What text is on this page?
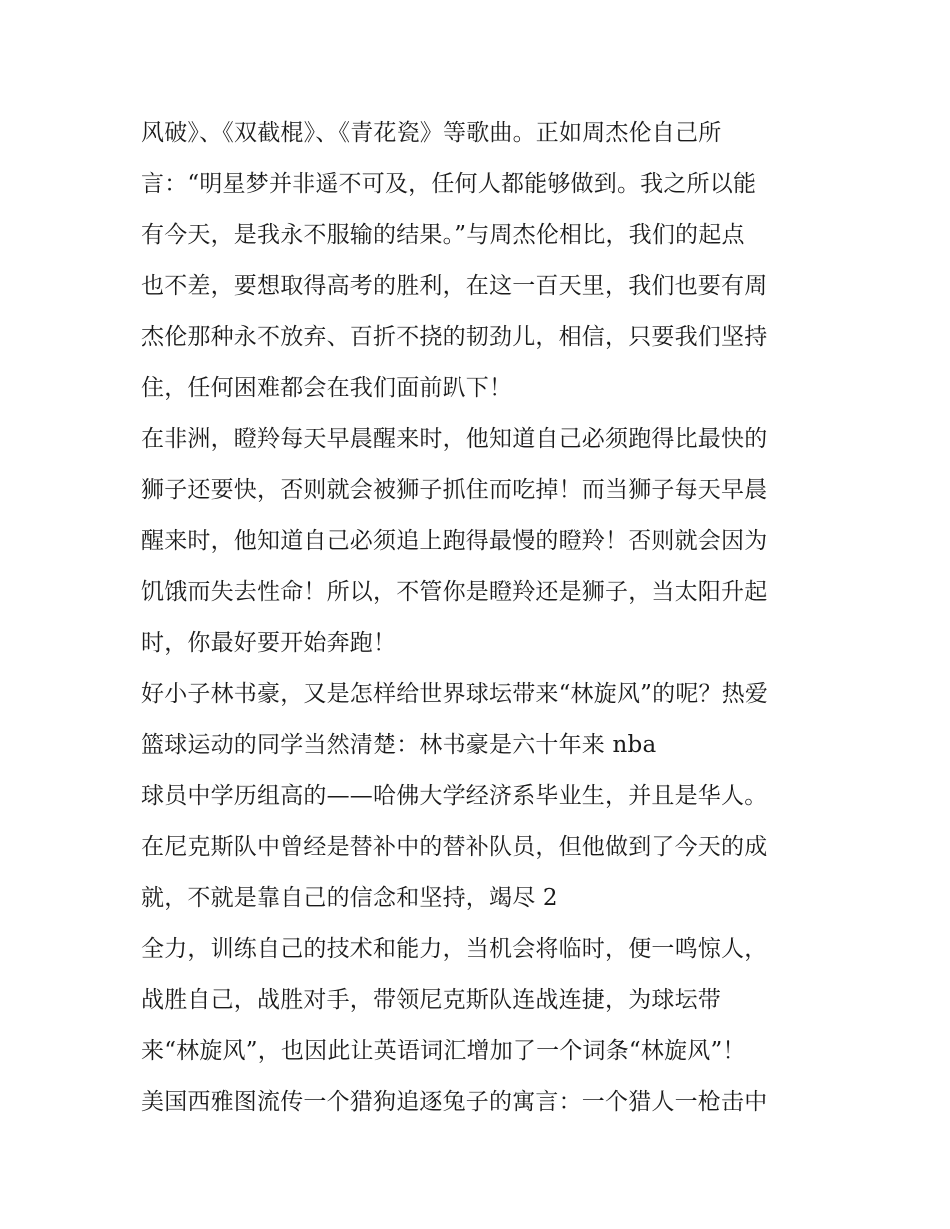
风破》、《双截棍》、《青花瓷》等歌曲。正如周杰伦自己所
言：“明星梦并非遥不可及，任何人都能够做到。我之所以能
有今天，是我永不服输的结果。”与周杰伦相比，我们的起点
也不差，要想取得高考的胜利，在这一百天里，我们也要有周
杰伦那种永不放弃、百折不挠的韧劲儿，相信，只要我们坚持
住，任何困难都会在我们面前趴下！
在非洲，瞪羚每天早晨醒来时，他知道自己必须跑得比最快的
狮子还要快，否则就会被狮子抓住而吃掉！而当狮子每天早晨
醒来时，他知道自己必须追上跑得最慢的瞪羚！否则就会因为
饥饿而失去性命！所以，不管你是瞪羚还是狮子，当太阳升起
时，你最好要开始奔跑！
好小子林书豪，又是怎样给世界球坛带来“林旋风”的呢？热爱
篮球运动的同学当然清楚：林书豪是六十年来 nba
球员中学历组高的——哈佛大学经济系毕业生，并且是华人。
在尼克斯队中曾经是替补中的替补队员，但他做到了今天的成
就，不就是靠自己的信念和坚持，竭尽 2
全力，训练自己的技术和能力，当机会将临时，便一鸣惊人，
战胜自己，战胜对手，带领尼克斯队连战连捷，为球坛带
来“林旋风”，也因此让英语词汇增加了一个词条“林旋风”！
美国西雅图流传一个猎狗追逐兔子的寓言：一个猎人一枪击中
